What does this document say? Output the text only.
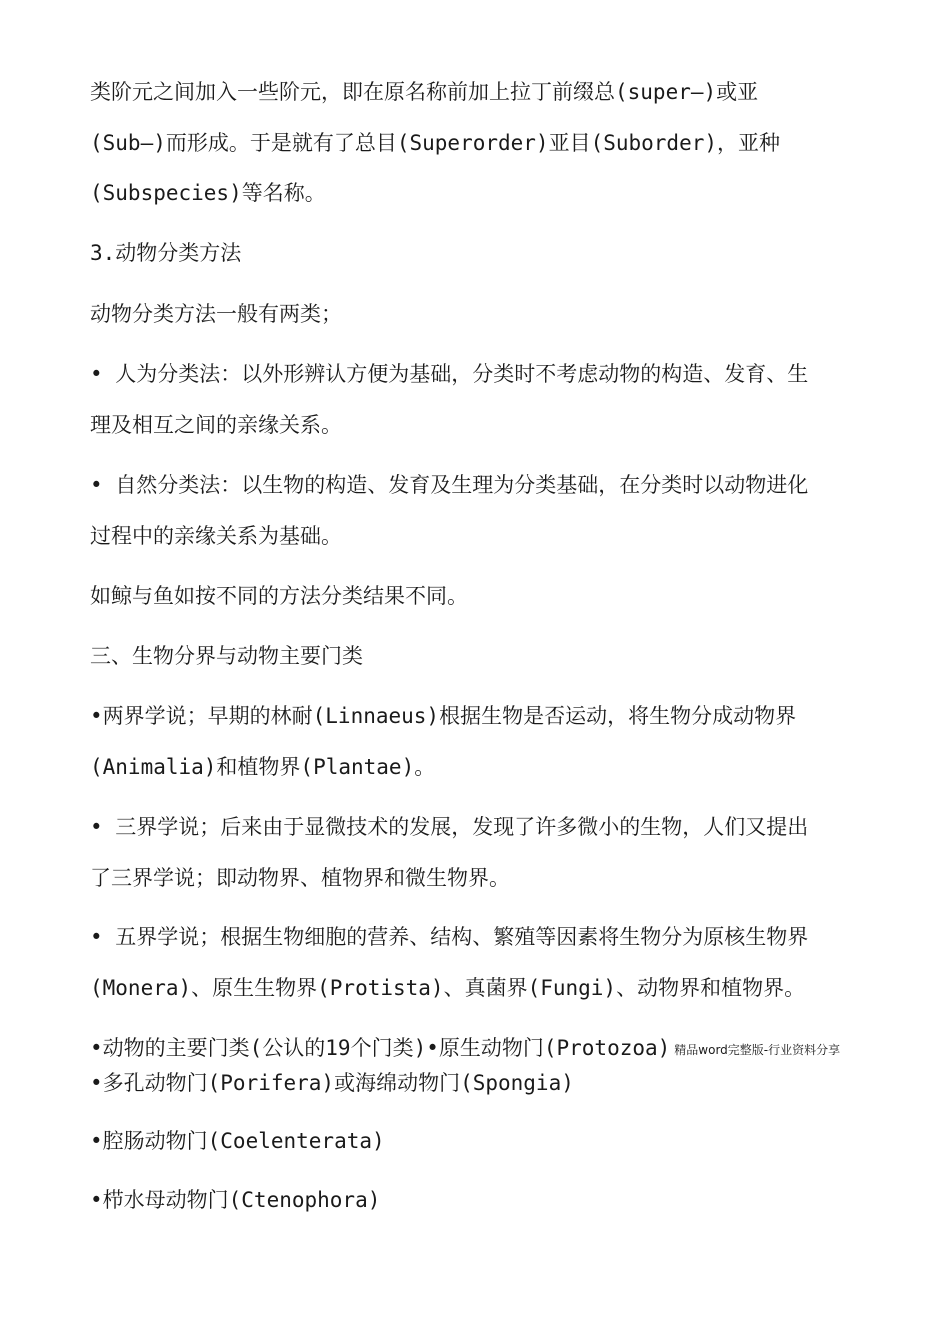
类阶元之间加入一些阶元，即在原名称前加上拉丁前缀总(super—)或亚
(Sub—)而形成。于是就有了总目(Superorder)亚目(Suborder)，亚种
(Subspecies)等名称。
3.动物分类方法
动物分类方法一般有两类；
• 人为分类法：以外形辨认方便为基础，分类时不考虑动物的构造、发育、生
理及相互之间的亲缘关系。
• 自然分类法：以生物的构造、发育及生理为分类基础，在分类时以动物进化
过程中的亲缘关系为基础。
如鲸与鱼如按不同的方法分类结果不同。
三、生物分界与动物主要门类
•两界学说；早期的林耐(Linnaeus)根据生物是否运动，将生物分成动物界
(Animalia)和植物界(Plantae)。
• 三界学说；后来由于显微技术的发展，发现了许多微小的生物，人们又提出
了三界学说；即动物界、植物界和微生物界。
• 五界学说；根据生物细胞的营养、结构、繁殖等因素将生物分为原核生物界
(Monera)、原生生物界(Protista)、真菌界(Fungi)、动物界和植物界。
•动物的主要门类(公认的19个门类)•原生动物门(Protozoa) 精品word完整版-行业资料分享
•多孔动物门(Porifera)或海绵动物门(Spongia)
•腔肠动物门(Coelenterata)
•栉水母动物门(Ctenophora)
